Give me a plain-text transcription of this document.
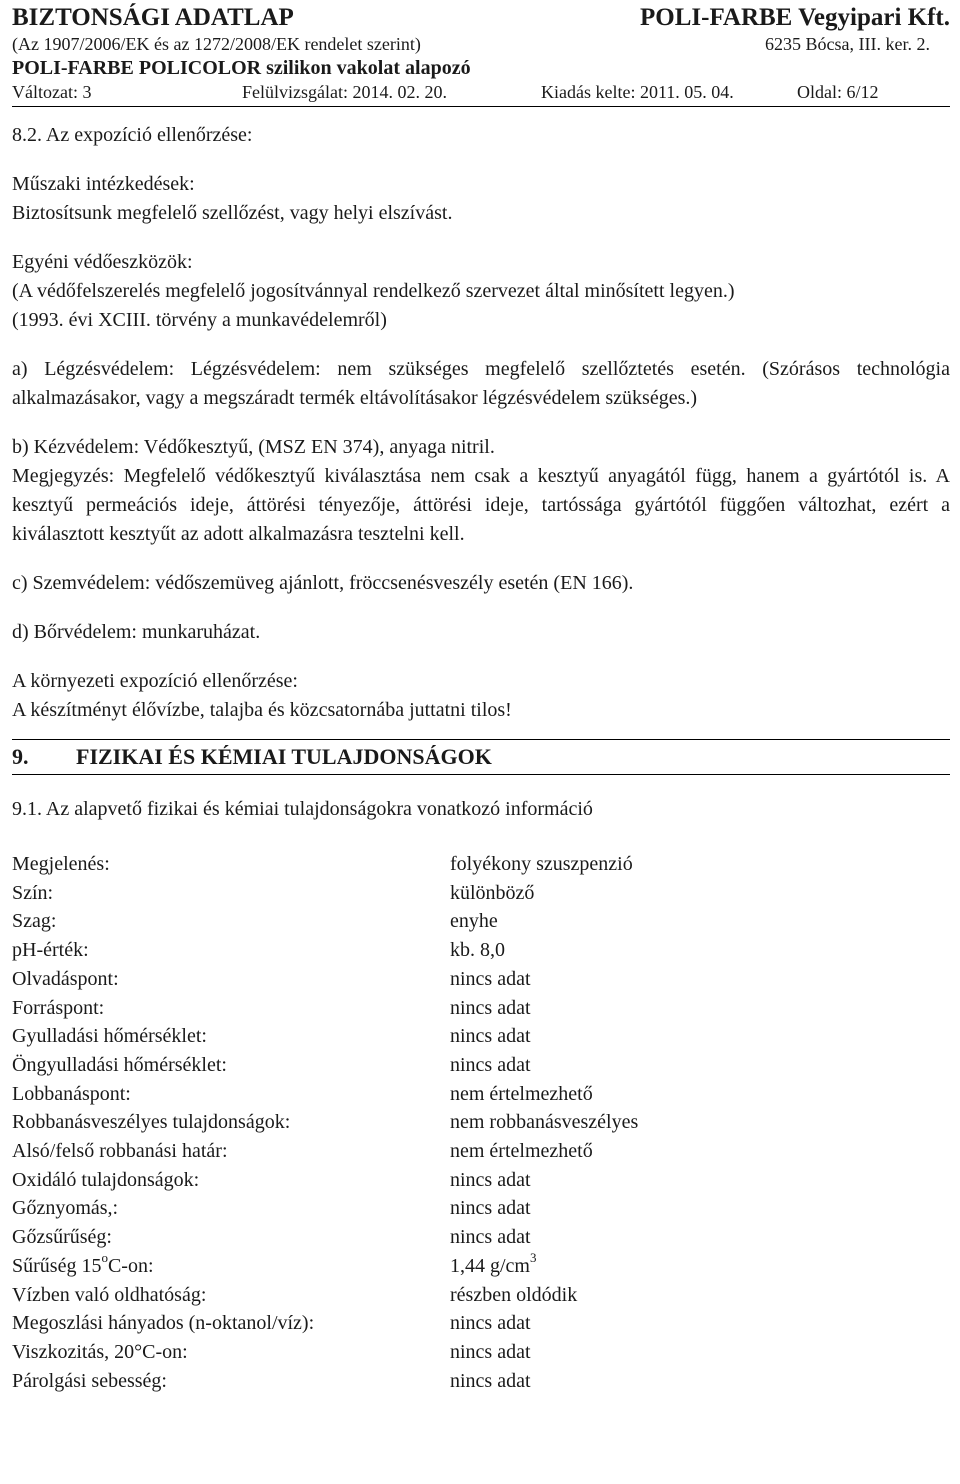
BIZTONSÁGI ADATLAP	POLI-FARBE Vegyipari Kft.
(Az 1907/2006/EK és az 1272/2008/EK rendelet szerint)	6235 Bócsa, III. ker. 2.
POLI-FARBE POLICOLOR szilikon vakolat alapozó
Változat: 3	Felülvizsgálat: 2014. 02. 20.	Kiadás kelte: 2011. 05. 04.	Oldal: 6/12

8.2. Az expozíció ellenőrzése:

Műszaki intézkedések:

Biztosítsunk megfelelő szellőzést, vagy helyi elszívást.

Egyéni védőeszközök:

(A védőfelszerelés megfelelő jogosítvánnyal rendelkező szervezet által minősített legyen.)

(1993. évi XCIII. törvény a munkavédelemről)

a) Légzésvédelem: Légzésvédelem: nem szükséges megfelelő szellőztetés esetén. (Szórásos technológia alkalmazásakor, vagy a megszáradt termék eltávolításakor légzésvédelem szükséges.)

b) Kézvédelem: Védőkesztyű, (MSZ EN 374), anyaga nitril.

Megjegyzés: Megfelelő védőkesztyű kiválasztása nem csak a kesztyű anyagától függ, hanem a gyártótól is. A kesztyű permeációs ideje, áttörési tényezője, áttörési ideje, tartóssága gyártótól függően változhat, ezért a kiválasztott kesztyűt az adott alkalmazásra tesztelni kell.

c) Szemvédelem: védőszemüveg ajánlott, fröccsenésveszély esetén (EN 166).

d) Bőrvédelem: munkaruházat.

A környezeti expozíció ellenőrzése:

A készítményt élővízbe, talajba és közcsatornába juttatni tilos!

9.	FIZIKAI ÉS KÉMIAI TULAJDONSÁGOK

9.1. Az alapvető fizikai és kémiai tulajdonságokra vonatkozó információ

Megjelenés:	folyékony szuszpenzió
Szín:	különböző
Szag:	enyhe
pH-érték:	kb. 8,0
Olvadáspont:	nincs adat
Forráspont:	nincs adat
Gyulladási hőmérséklet:	nincs adat
Öngyulladási hőmérséklet:	nincs adat
Lobbanáspont:	nem értelmezhető
Robbanásveszélyes tulajdonságok:	nem robbanásveszélyes
Alsó/felső robbanási határ:	nem értelmezhető
Oxidáló tulajdonságok:	nincs adat
Gőznyomás,:	nincs adat
Gőzsűrűség:	nincs adat
Sűrűség 15$^o$C-on:	1,44 $g/cm^3$
Vízben való oldhatóság:	részben oldódik
Megoszlási hányados (n-oktanol/víz):	nincs adat
Viszkozitás, 20°C-on:	nincs adat
Párolgási sebesség:	nincs adat
